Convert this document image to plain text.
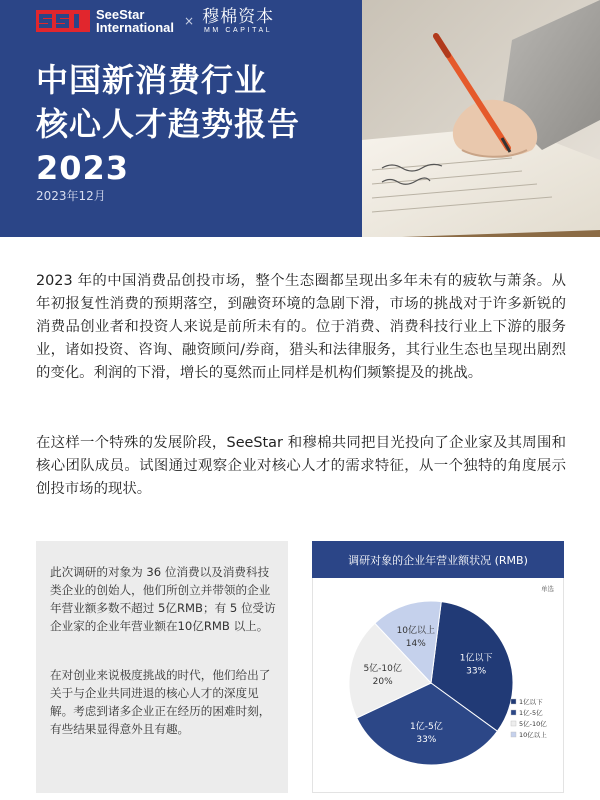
SeeStar
International × 穆棉资本
MM CAPITAL
中国新消费行业
核心人才趋势报告
2023
2023年12月

2023 年的中国消费品创投市场，整个生态圈都呈现出多年未有的疲软与萧条。从年初报复性消费的预期落空，到融资环境的急剧下滑，市场的挑战对于许多新锐的消费品创业者和投资人来说是前所未有的。位于消费、消费科技行业上下游的服务业，诸如投资、咨询、融资顾问/券商，猎头和法律服务，其行业生态也呈现出剧烈的变化。利润的下滑，增长的戛然而止同样是机构们频繁提及的挑战。

在这样一个特殊的发展阶段，SeeStar 和穆棉共同把目光投向了企业家及其周围和核心团队成员。试图通过观察企业对核心人才的需求特征，从一个独特的角度展示创投市场的现状。

此次调研的对象为 36 位消费以及消费科技类企业的创始人，他们所创立并带领的企业年营业额多数不超过 5亿RMB；有 5 位受访企业家的企业年营业额在10亿RMB 以上。

在对创业来说极度挑战的时代，他们给出了关于与企业共同进退的核心人才的深度见解。考虑到诸多企业正在经历的困难时刻，有些结果显得意外且有趣。

调研对象的企业年营业额状况 (RMB)
单选
1亿以下
33%
1亿-5亿
33%
5亿-10亿
20%
10亿以上
14%
1亿以下
1亿-5亿
5亿-10亿
10亿以上
